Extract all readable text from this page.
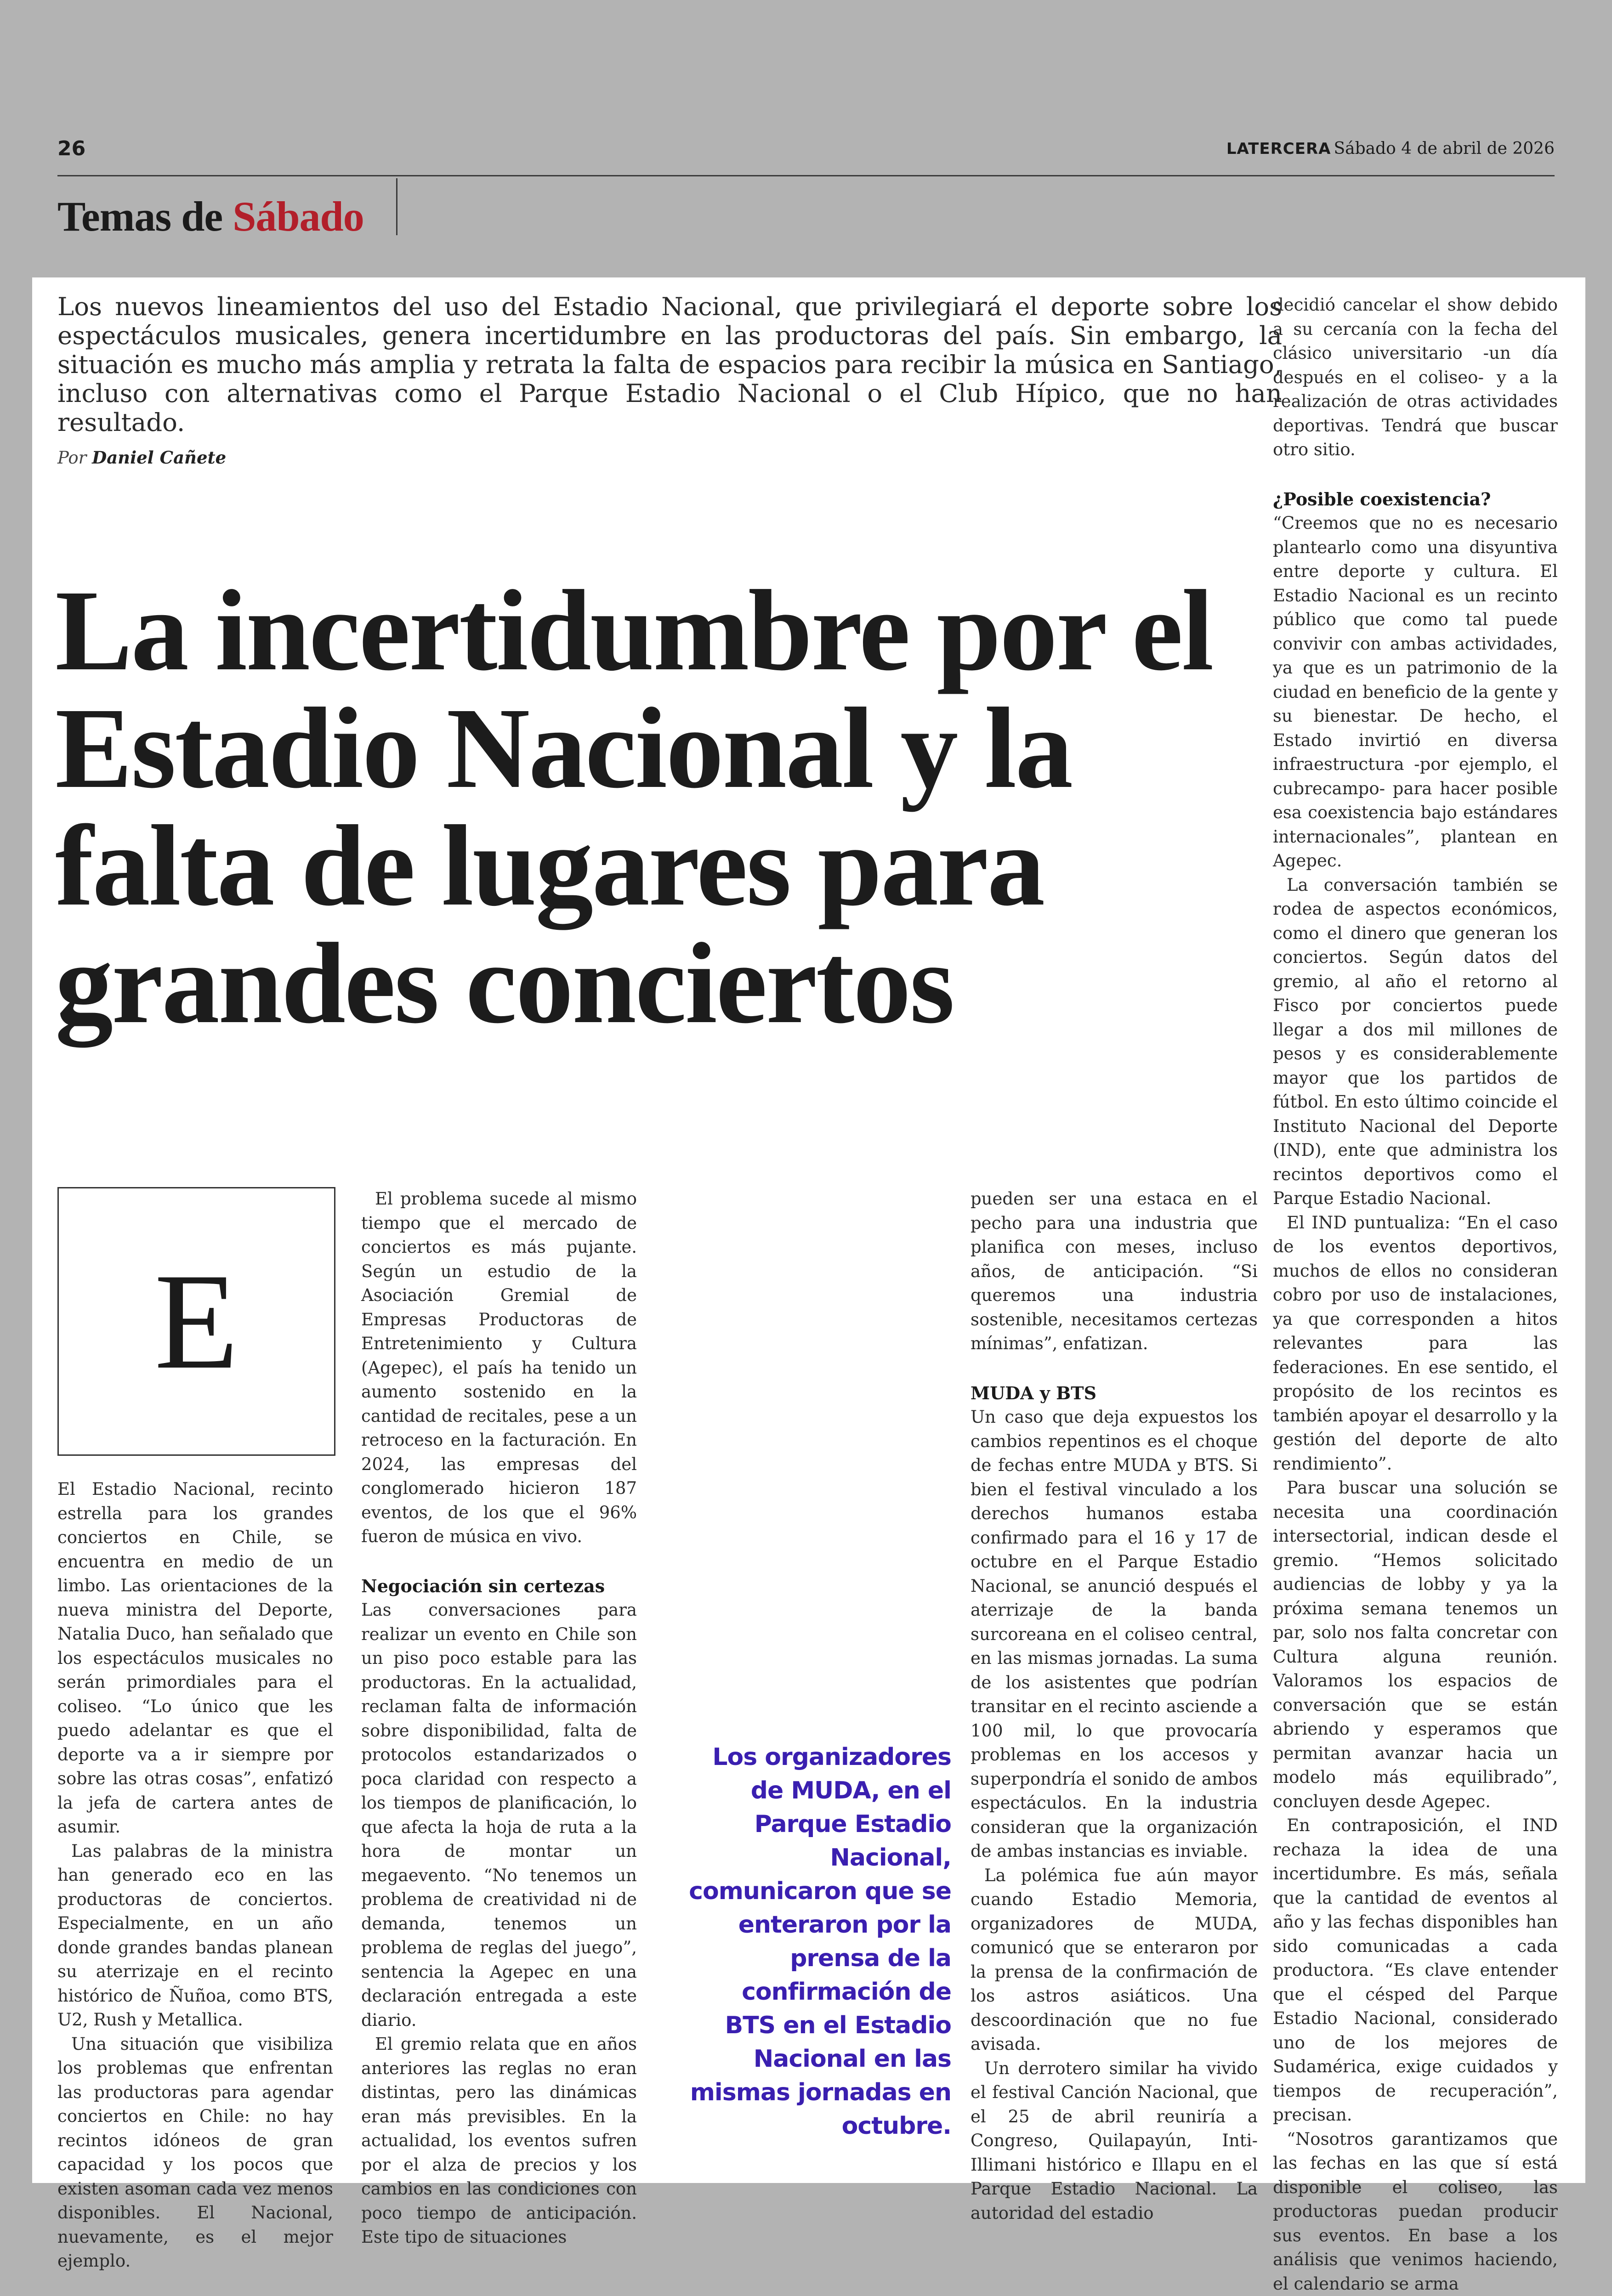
26	LATERCERA Sábado 4 de abril de 2026
Temas de Sábado

Los nuevos lineamientos del uso del Estadio Nacional, que privilegiará el deporte sobre los espectáculos musicales, genera incertidumbre en las productoras del país. Sin embargo, la situación es mucho más amplia y retrata la falta de espacios para recibir la música en Santiago, incluso con alternativas como el Parque Estadio Nacional o el Club Hípico, que no han resultado.

Por Daniel Cañete
La incertidumbre por el Estadio Nacional y la falta de lugares para grandes conciertos
E

El Estadio Nacional, recinto estrella para los grandes conciertos en Chile, se encuentra en medio de un limbo. Las orientaciones de la nueva ministra del Deporte, Natalia Duco, han señalado que los espectáculos musicales no serán primordiales para el coliseo. “Lo único que les puedo adelantar es que el deporte va a ir siempre por sobre las otras cosas”, enfatizó la jefa de cartera antes de asumir.

Las palabras de la ministra han generado eco en las productoras de conciertos. Especialmente, en un año donde grandes bandas planean su aterrizaje en el recinto histórico de Ñuñoa, como BTS, U2, Rush y Metallica.

Una situación que visibiliza los problemas que enfrentan las productoras para agendar conciertos en Chile: no hay recintos idóneos de gran capacidad y los pocos que existen asoman cada vez menos disponibles. El Nacional, nuevamente, es el mejor ejemplo.

El problema sucede al mismo tiempo que el mercado de conciertos es más pujante. Según un estudio de la Asociación Gremial de Empresas Productoras de Entretenimiento y Cultura (Agepec), el país ha tenido un aumento sostenido en la cantidad de recitales, pese a un retroceso en la facturación. En 2024, las empresas del conglomerado hicieron 187 eventos, de los que el 96% fueron de música en vivo.

Negociación sin certezas

Las conversaciones para realizar un evento en Chile son un piso poco estable para las productoras. En la actualidad, reclaman falta de información sobre disponibilidad, falta de protocolos estandarizados o poca claridad con respecto a los tiempos de planificación, lo que afecta la hoja de ruta a la hora de montar un megaevento. “No tenemos un problema de creatividad ni de demanda, tenemos un problema de reglas del juego”, sentencia la Agepec en una declaración entregada a este diario.

El gremio relata que en años anteriores las reglas no eran distintas, pero las dinámicas eran más previsibles. En la actualidad, los eventos sufren por el alza de precios y los cambios en las condiciones con poco tiempo de anticipación. Este tipo de situaciones

Los organizadores de MUDA, en el Parque Estadio Nacional, comunicaron que se enteraron por la prensa de la confirmación de BTS en el Estadio Nacional en las mismas jornadas en octubre.

pueden ser una estaca en el pecho para una industria que planifica con meses, incluso años, de anticipación. “Si queremos una industria sostenible, necesitamos certezas mínimas”, enfatizan.

MUDA y BTS

Un caso que deja expuestos los cambios repentinos es el choque de fechas entre MUDA y BTS. Si bien el festival vinculado a los derechos humanos estaba confirmado para el 16 y 17 de octubre en el Parque Estadio Nacional, se anunció después el aterrizaje de la banda surcoreana en el coliseo central, en las mismas jornadas. La suma de los asistentes que podrían transitar en el recinto asciende a 100 mil, lo que provocaría problemas en los accesos y superpondría el sonido de ambos espectáculos. En la industria consideran que la organización de ambas instancias es inviable.

La polémica fue aún mayor cuando Estadio Memoria, organizadores de MUDA, comunicó que se enteraron por la prensa de la confirmación de los astros asiáticos. Una descoordinación que no fue avisada.

Un derrotero similar ha vivido el festival Canción Nacional, que el 25 de abril reuniría a Congreso, Quilapayún, Inti-Illimani histórico e Illapu en el Parque Estadio Nacional. La autoridad del estadio

decidió cancelar el show debido a su cercanía con la fecha del clásico universitario -un día después en el coliseo- y a la realización de otras actividades deportivas. Tendrá que buscar otro sitio.

¿Posible coexistencia?

“Creemos que no es necesario plantearlo como una disyuntiva entre deporte y cultura. El Estadio Nacional es un recinto público que como tal puede convivir con ambas actividades, ya que es un patrimonio de la ciudad en beneficio de la gente y su bienestar. De hecho, el Estado invirtió en diversa infraestructura -por ejemplo, el cubrecampo- para hacer posible esa coexistencia bajo estándares internacionales”, plantean en Agepec.

La conversación también se rodea de aspectos económicos, como el dinero que generan los conciertos. Según datos del gremio, al año el retorno al Fisco por conciertos puede llegar a dos mil millones de pesos y es considerablemente mayor que los partidos de fútbol. En esto último coincide el Instituto Nacional del Deporte (IND), ente que administra los recintos deportivos como el Parque Estadio Nacional.

El IND puntualiza: “En el caso de los eventos deportivos, muchos de ellos no consideran cobro por uso de instalaciones, ya que corresponden a hitos relevantes para las federaciones. En ese sentido, el propósito de los recintos es también apoyar el desarrollo y la gestión del deporte de alto rendimiento”.

Para buscar una solución se necesita una coordinación intersectorial, indican desde el gremio. “Hemos solicitado audiencias de lobby y ya la próxima semana tenemos un par, solo nos falta concretar con Cultura alguna reunión. Valoramos los espacios de conversación que se están abriendo y esperamos que permitan avanzar hacia un modelo más equilibrado”, concluyen desde Agepec.

En contraposición, el IND rechaza la idea de una incertidumbre. Es más, señala que la cantidad de eventos al año y las fechas disponibles han sido comunicadas a cada productora. “Es clave entender que el césped del Parque Estadio Nacional, considerado uno de los mejores de Sudamérica, exige cuidados y tiempos de recuperación”, precisan.

“Nosotros garantizamos que las fechas en las que sí está disponible el coliseo, las productoras puedan producir sus eventos. En base a los análisis que venimos haciendo, el calendario se arma
